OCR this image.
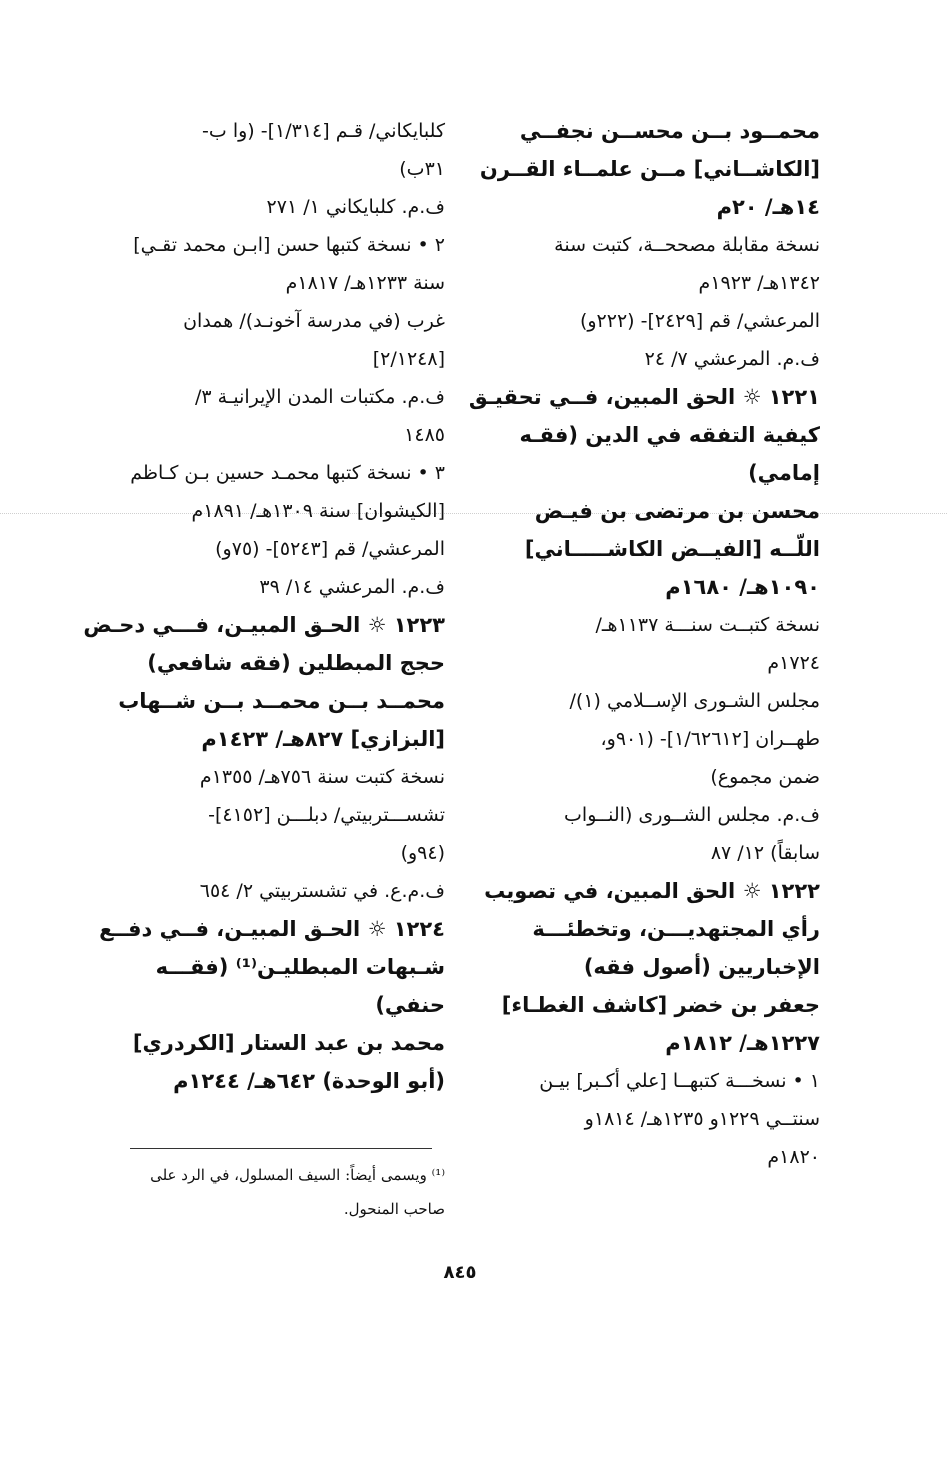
محمــود بــن محســن نجفــي
[الكاشــاني] مــن علمــاء القــرن
١٤هـ/ ٢٠م
نسخة مقابلة مصححــة، كتبت سنة
١٣٤٢هـ/ ١٩٢٣م
المرعشي/ قم [٢٤٢٩]- (٢٢٢و)
ف.م. المرعشي ٧/ ٢٤
١٢٢١ ☼ الحق المبين، فــي تحقيـق
كيفية التفقه في الدين (فقـه
إمامي)
محسن بن مرتضى بن فيـض
اللّــه [الفيــض الكاشـــــاني]
١٠٩٠هـ/ ١٦٨٠م
نسخة كتبــت سنـــة ١١٣٧هـ/
١٧٢٤م
مجلس الشـورى الإســلامي (١)/
طهــران [١/٦٢٦١٢]- (٩٠١و،
ضمن مجموع)
ف.م. مجلس الشــورى (النــواب
سابقاً) ١٢/ ٨٧
١٢٢٢ ☼ الحق المبين، في تصويب
رأي المجتهديـــن، وتخطئـــة
الإخباريين (أصول فقه)
جعفر بن خضر [كاشف الغطـاء]
١٢٢٧هـ/ ١٨١٢م
١ • نسخـــة كتبهــا [علي أكـبر] بيـن
سنتــي ١٢٢٩و ١٢٣٥هـ/ ١٨١٤و
١٨٢٠م
كلبايكاني/ قـم [١/٣١٤]- (وا ب-
٣١ب)
ف.م. كلبايكاني ١/ ٢٧١
٢ • نسخة كتبها حسن [ابـن محمد تقـي]
سنة ١٢٣٣هـ/ ١٨١٧م
غرب (في مدرسة آخونـد)/ همدان
[٢/١٢٤٨]
ف.م. مكتبات المدن الإيرانيـة ٣/
١٤٨٥
٣ • نسخة كتبها محمـد حسين بـن كـاظم
[الكيشوان] سنة ١٣٠٩هـ/ ١٨٩١م
المرعشي/ قم [٥٢٤٣]- (٧٥و)
ف.م. المرعشي ١٤/ ٣٩
١٢٢٣ ☼ الحـق المبيـن، فـــي دحـض
حجج المبطلين (فقه شافعي)
محمــد بــن محمــد بــن شــهاب
[البزازي] ٨٢٧هـ/ ١٤٢٣م
نسخة كتبت سنة ٧٥٦هـ/ ١٣٥٥م
تشســـتربيتي/ دبلـــن [٤١٥٢]-
(٩٤و)
ف.م.ع. في تشستربيتي ٢/ ٦٥٤
١٢٢٤ ☼ الحـق المبيـن، فــي دفــع
شـبهات المبطليـن⁽¹⁾ (فقـــه
حنفي)
محمد بن عبد الستار [الكردري]
(أبو الوحدة) ٦٤٢هـ/ ١٢٤٤م
⁽¹⁾ ويسمى أيضاً: السيف المسلول، في الرد على
صاحب المنحول.
٨٤٥
